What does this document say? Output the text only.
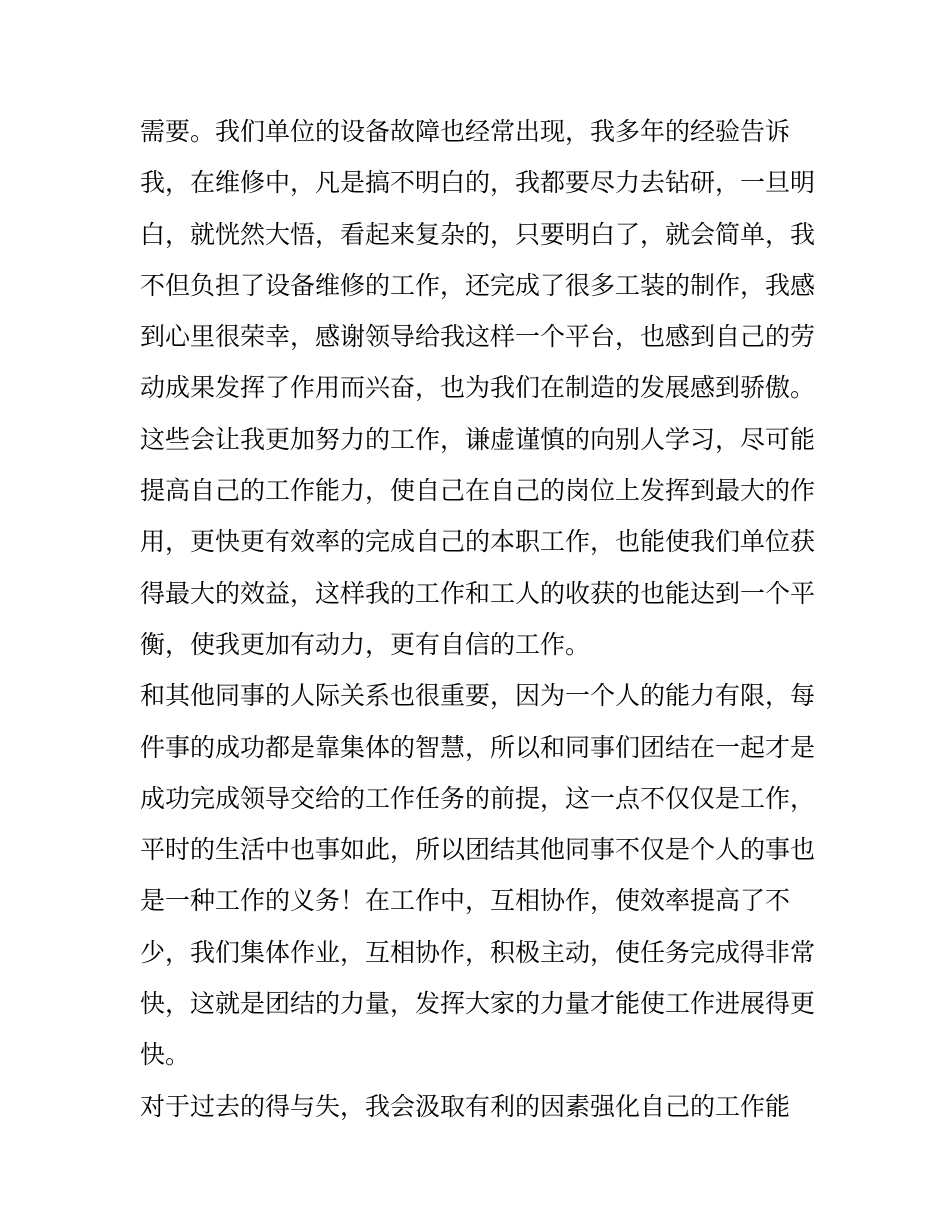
需要。我们单位的设备故障也经常出现，我多年的经验告诉
我，在维修中，凡是搞不明白的，我都要尽力去钻研，一旦明
白，就恍然大悟，看起来复杂的，只要明白了，就会简单，我
不但负担了设备维修的工作，还完成了很多工装的制作，我感
到心里很荣幸，感谢领导给我这样一个平台，也感到自己的劳
动成果发挥了作用而兴奋，也为我们在制造的发展感到骄傲。
这些会让我更加努力的工作，谦虚谨慎的向别人学习，尽可能
提高自己的工作能力，使自己在自己的岗位上发挥到最大的作
用，更快更有效率的完成自己的本职工作，也能使我们单位获
得最大的效益，这样我的工作和工人的收获的也能达到一个平
衡，使我更加有动力，更有自信的工作。
和其他同事的人际关系也很重要，因为一个人的能力有限，每
件事的成功都是靠集体的智慧，所以和同事们团结在一起才是
成功完成领导交给的工作任务的前提，这一点不仅仅是工作，
平时的生活中也事如此，所以团结其他同事不仅是个人的事也
是一种工作的义务！在工作中，互相协作，使效率提高了不
少，我们集体作业，互相协作，积极主动，使任务完成得非常
快，这就是团结的力量，发挥大家的力量才能使工作进展得更
快。
对于过去的得与失，我会汲取有利的因素强化自己的工作能
